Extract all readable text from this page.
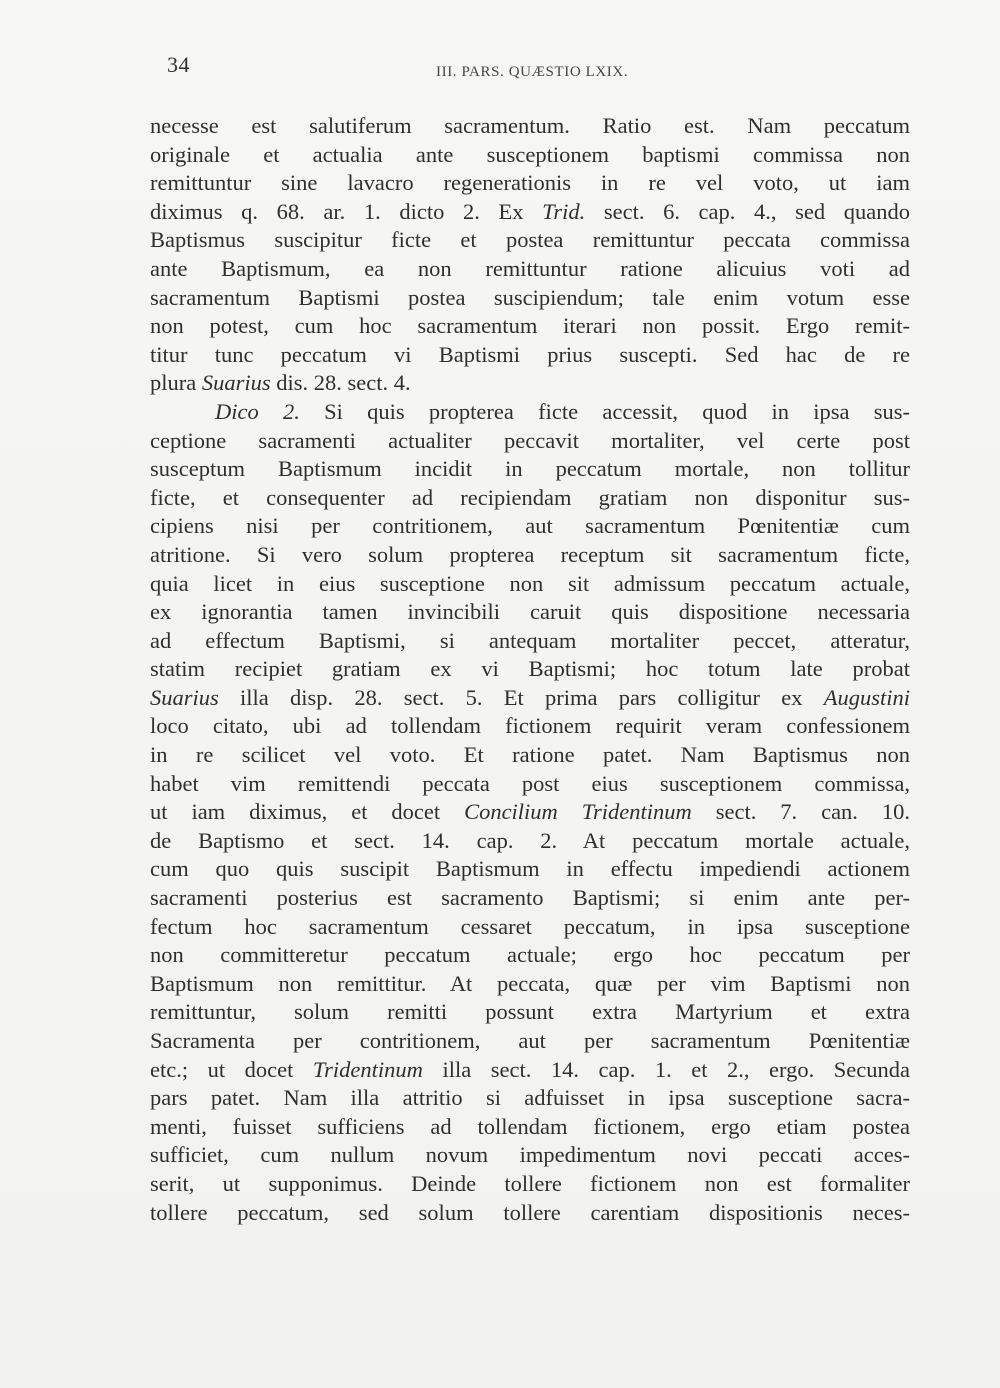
34	III. PARS. QUÆSTIO LXIX.
necesse est salutiferum sacramentum. Ratio est. Nam peccatum
originale et actualia ante susceptionem baptismi commissa non
remittuntur sine lavacro regenerationis in re vel voto, ut iam
diximus q. 68. ar. 1. dicto 2. Ex Trid. sect. 6. cap. 4., sed quando
Baptismus suscipitur ficte et postea remittuntur peccata commissa
ante Baptismum, ea non remittuntur ratione alicuius voti ad
sacramentum Baptismi postea suscipiendum; tale enim votum esse
non potest, cum hoc sacramentum iterari non possit. Ergo remit-
titur tunc peccatum vi Baptismi prius suscepti. Sed hac de re
plura Suarius dis. 28. sect. 4.
Dico 2. Si quis propterea ficte accessit, quod in ipsa sus-
ceptione sacramenti actualiter peccavit mortaliter, vel certe post
susceptum Baptismum incidit in peccatum mortale, non tollitur
ficte, et consequenter ad recipiendam gratiam non disponitur sus-
cipiens nisi per contritionem, aut sacramentum Pœnitentiæ cum
atritione. Si vero solum propterea receptum sit sacramentum ficte,
quia licet in eius susceptione non sit admissum peccatum actuale,
ex ignorantia tamen invincibili caruit quis dispositione necessaria
ad effectum Baptismi, si antequam mortaliter peccet, atteratur,
statim recipiet gratiam ex vi Baptismi; hoc totum late probat
Suarius illa disp. 28. sect. 5. Et prima pars colligitur ex Augustini
loco citato, ubi ad tollendam fictionem requirit veram confessionem
in re scilicet vel voto. Et ratione patet. Nam Baptismus non
habet vim remittendi peccata post eius susceptionem commissa,
ut iam diximus, et docet Concilium Tridentinum sect. 7. can. 10.
de Baptismo et sect. 14. cap. 2. At peccatum mortale actuale,
cum quo quis suscipit Baptismum in effectu impediendi actionem
sacramenti posterius est sacramento Baptismi; si enim ante per-
fectum hoc sacramentum cessaret peccatum, in ipsa susceptione
non committeretur peccatum actuale; ergo hoc peccatum per
Baptismum non remittitur. At peccata, quæ per vim Baptismi non
remittuntur, solum remitti possunt extra Martyrium et extra
Sacramenta per contritionem, aut per sacramentum Pœnitentiæ
etc.; ut docet Tridentinum illa sect. 14. cap. 1. et 2., ergo. Secunda
pars patet. Nam illa attritio si adfuisset in ipsa susceptione sacra-
menti, fuisset sufficiens ad tollendam fictionem, ergo etiam postea
sufficiet, cum nullum novum impedimentum novi peccati acces-
serit, ut supponimus. Deinde tollere fictionem non est formaliter
tollere peccatum, sed solum tollere carentiam dispositionis neces-
